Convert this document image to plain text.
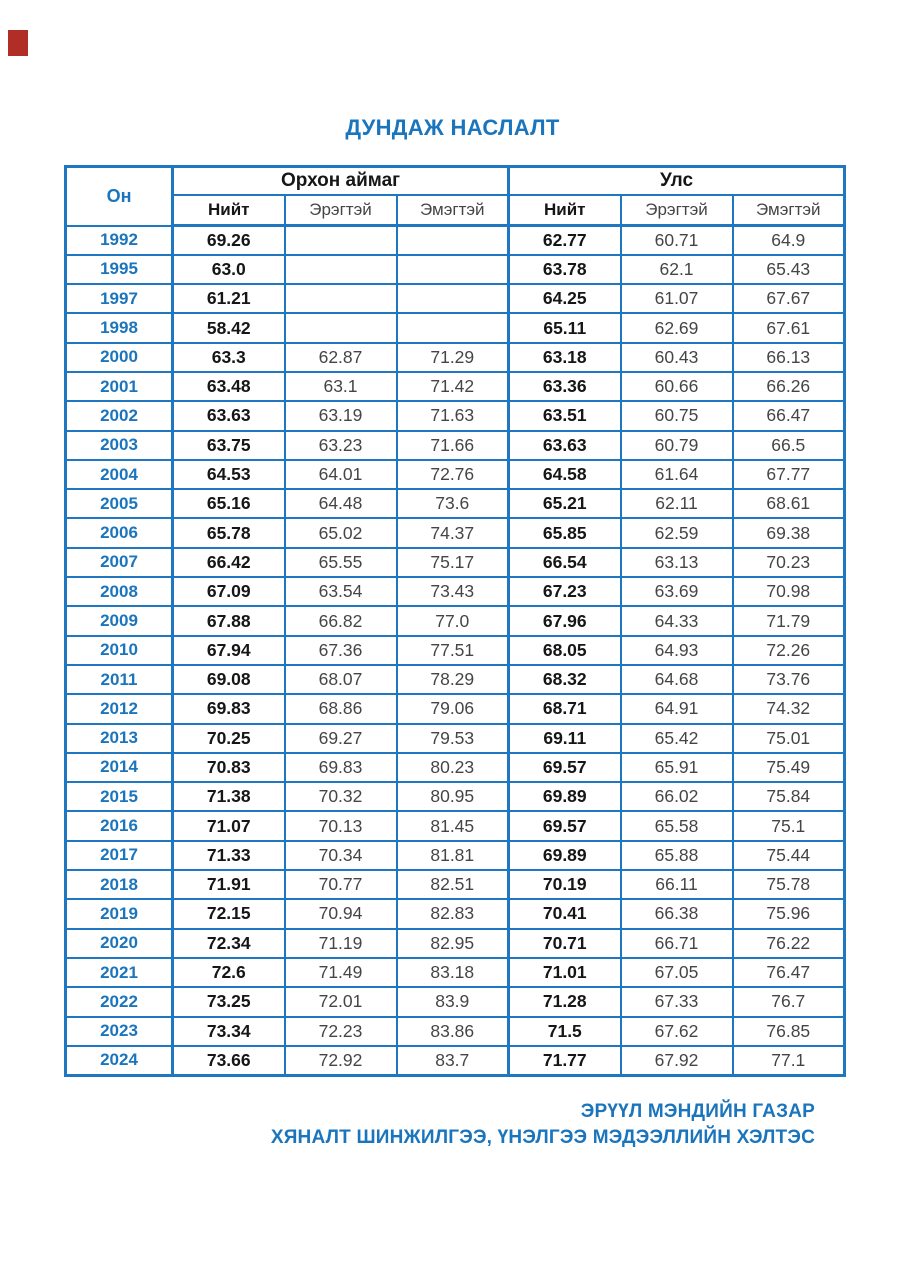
ДУНДАЖ НАСЛАЛТ
Он	Орхон аймаг			Улс		
	Нийт	Эрэгтэй	Эмэгтэй	Нийт	Эрэгтэй	Эмэгтэй
1992	69.26			62.77	60.71	64.9
1995	63.0			63.78	62.1	65.43
1997	61.21			64.25	61.07	67.67
1998	58.42			65.11	62.69	67.61
2000	63.3	62.87	71.29	63.18	60.43	66.13
2001	63.48	63.1	71.42	63.36	60.66	66.26
2002	63.63	63.19	71.63	63.51	60.75	66.47
2003	63.75	63.23	71.66	63.63	60.79	66.5
2004	64.53	64.01	72.76	64.58	61.64	67.77
2005	65.16	64.48	73.6	65.21	62.11	68.61
2006	65.78	65.02	74.37	65.85	62.59	69.38
2007	66.42	65.55	75.17	66.54	63.13	70.23
2008	67.09	63.54	73.43	67.23	63.69	70.98
2009	67.88	66.82	77.0	67.96	64.33	71.79
2010	67.94	67.36	77.51	68.05	64.93	72.26
2011	69.08	68.07	78.29	68.32	64.68	73.76
2012	69.83	68.86	79.06	68.71	64.91	74.32
2013	70.25	69.27	79.53	69.11	65.42	75.01
2014	70.83	69.83	80.23	69.57	65.91	75.49
2015	71.38	70.32	80.95	69.89	66.02	75.84
2016	71.07	70.13	81.45	69.57	65.58	75.1
2017	71.33	70.34	81.81	69.89	65.88	75.44
2018	71.91	70.77	82.51	70.19	66.11	75.78
2019	72.15	70.94	82.83	70.41	66.38	75.96
2020	72.34	71.19	82.95	70.71	66.71	76.22
2021	72.6	71.49	83.18	71.01	67.05	76.47
2022	73.25	72.01	83.9	71.28	67.33	76.7
2023	73.34	72.23	83.86	71.5	67.62	76.85
2024	73.66	72.92	83.7	71.77	67.92	77.1
ЭРҮҮЛ МЭНДИЙН ГАЗАР
ХЯНАЛТ ШИНЖИЛГЭЭ, ҮНЭЛГЭЭ МЭДЭЭЛЛИЙН ХЭЛТЭС
